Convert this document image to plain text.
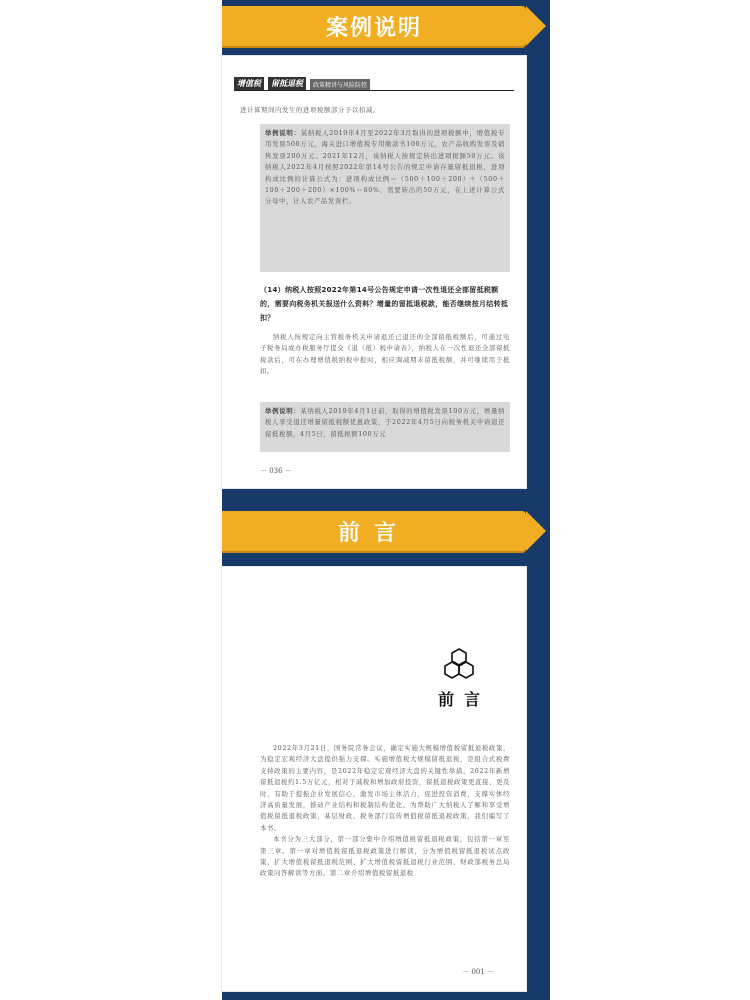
案例说明
增值税	留抵退税	政策精讲与风险防控

进计算期间内发生的进项税额部分予以扣减。

举例说明：某纳税人2019年4月至2022年3月取得的进项税额中，增值税专用发票500万元，海关进口增值税专用缴款书100万元，农产品收购发票及销售发票200万元。2021年12月，该纳税人按规定转出进项税额50万元。该纳税人2022年4月按照2022年第14号公告的规定申请存量留抵退税，进项构成比例的计算公式为：进项构成比例＝（500＋100＋200）÷（500＋100＋200＋200）×100%＝80%，需要转出的50万元，在上述计算公式分母中，计入农产品发票栏。
（14）纳税人按照2022年第14号公告规定申请一次性退还全部留抵税额的，需要向税务机关报送什么资料？增量的留抵退税款，能否继续按月结转抵扣？

纳税人按规定向主管税务机关申请退还已退还的全部留抵税额后，可通过电子税务局或办税服务厅提交《退（抵）税申请表》，纳税人在一次性退还全部留抵税款后，可在办理增值税纳税申报时，相应调减期末留抵税额，并可继续用于抵扣。

举例说明：某纳税人2019年4月1日前，取得的增值税发票100万元，增量纳税人享受退还增量留抵税额优惠政策，于2022年4月5日向税务机关申请退还留抵税额，4月5日，留抵税额100万元
－ 036 －
前言
前言

2022年3月21日，国务院常务会议，确定实施大规模增值税留抵退税政策，为稳定宏观经济大盘提供强力支撑。实施增值税大规模留抵退税，是组合式税费支持政策的主要内容，是2022年稳定宏观经济大盘的关键性举措。2022年新增留抵退税约1.5万亿元，相对于减税和增加政府投资，留抵退税政策更直接、更及时，有助于提振企业发展信心，激发市场主体活力，促进投资消费，支撑实体经济高质量发展，推动产业结构和税制结构优化。为帮助广大纳税人了解和享受增值税留抵退税政策，基层财政、税务部门宣传增值税留抵退税政策，我们编写了本书。

本书分为三大部分，第一部分集中介绍增值税留抵退税政策，包括第一章至第三章。第一章对增值税留抵退税政策进行解读，分为增值税留抵退税试点政策、扩大增值税留抵退税范围、扩大增值税留抵退税行业范围、财政部税务总局政策问答解读等方面。第二章介绍增值税留抵退税

－ 001 －
